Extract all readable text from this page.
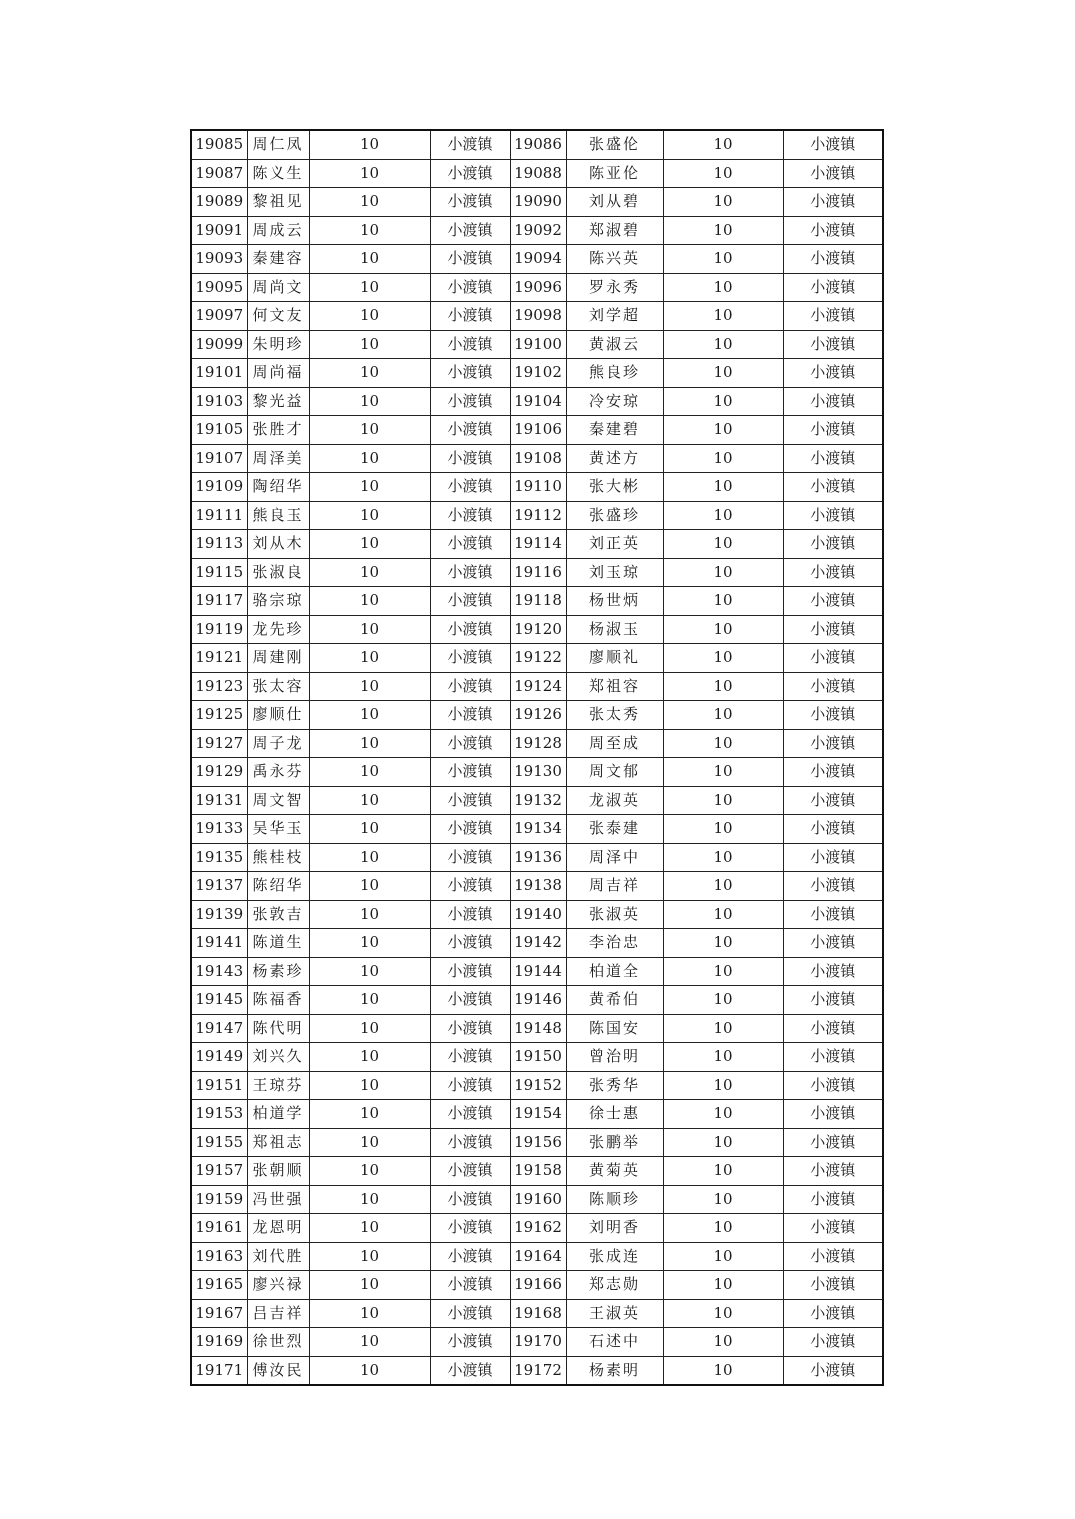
19085	周仁凤	10	小渡镇	19086	张盛伦	10	小渡镇
19087	陈义生	10	小渡镇	19088	陈亚伦	10	小渡镇
19089	黎祖见	10	小渡镇	19090	刘从碧	10	小渡镇
19091	周成云	10	小渡镇	19092	郑淑碧	10	小渡镇
19093	秦建容	10	小渡镇	19094	陈兴英	10	小渡镇
19095	周尚文	10	小渡镇	19096	罗永秀	10	小渡镇
19097	何文友	10	小渡镇	19098	刘学超	10	小渡镇
19099	朱明珍	10	小渡镇	19100	黄淑云	10	小渡镇
19101	周尚福	10	小渡镇	19102	熊良珍	10	小渡镇
19103	黎光益	10	小渡镇	19104	冷安琼	10	小渡镇
19105	张胜才	10	小渡镇	19106	秦建碧	10	小渡镇
19107	周泽美	10	小渡镇	19108	黄述方	10	小渡镇
19109	陶绍华	10	小渡镇	19110	张大彬	10	小渡镇
19111	熊良玉	10	小渡镇	19112	张盛珍	10	小渡镇
19113	刘从木	10	小渡镇	19114	刘正英	10	小渡镇
19115	张淑良	10	小渡镇	19116	刘玉琼	10	小渡镇
19117	骆宗琼	10	小渡镇	19118	杨世炳	10	小渡镇
19119	龙先珍	10	小渡镇	19120	杨淑玉	10	小渡镇
19121	周建刚	10	小渡镇	19122	廖顺礼	10	小渡镇
19123	张太容	10	小渡镇	19124	郑祖容	10	小渡镇
19125	廖顺仕	10	小渡镇	19126	张太秀	10	小渡镇
19127	周子龙	10	小渡镇	19128	周至成	10	小渡镇
19129	禹永芬	10	小渡镇	19130	周文郁	10	小渡镇
19131	周文智	10	小渡镇	19132	龙淑英	10	小渡镇
19133	吴华玉	10	小渡镇	19134	张泰建	10	小渡镇
19135	熊桂枝	10	小渡镇	19136	周泽中	10	小渡镇
19137	陈绍华	10	小渡镇	19138	周吉祥	10	小渡镇
19139	张敦吉	10	小渡镇	19140	张淑英	10	小渡镇
19141	陈道生	10	小渡镇	19142	李治忠	10	小渡镇
19143	杨素珍	10	小渡镇	19144	柏道全	10	小渡镇
19145	陈福香	10	小渡镇	19146	黄希伯	10	小渡镇
19147	陈代明	10	小渡镇	19148	陈国安	10	小渡镇
19149	刘兴久	10	小渡镇	19150	曾治明	10	小渡镇
19151	王琼芬	10	小渡镇	19152	张秀华	10	小渡镇
19153	柏道学	10	小渡镇	19154	徐士惠	10	小渡镇
19155	郑祖志	10	小渡镇	19156	张鹏举	10	小渡镇
19157	张朝顺	10	小渡镇	19158	黄菊英	10	小渡镇
19159	冯世强	10	小渡镇	19160	陈顺珍	10	小渡镇
19161	龙恩明	10	小渡镇	19162	刘明香	10	小渡镇
19163	刘代胜	10	小渡镇	19164	张成连	10	小渡镇
19165	廖兴禄	10	小渡镇	19166	郑志勋	10	小渡镇
19167	吕吉祥	10	小渡镇	19168	王淑英	10	小渡镇
19169	徐世烈	10	小渡镇	19170	石述中	10	小渡镇
19171	傅汝民	10	小渡镇	19172	杨素明	10	小渡镇
